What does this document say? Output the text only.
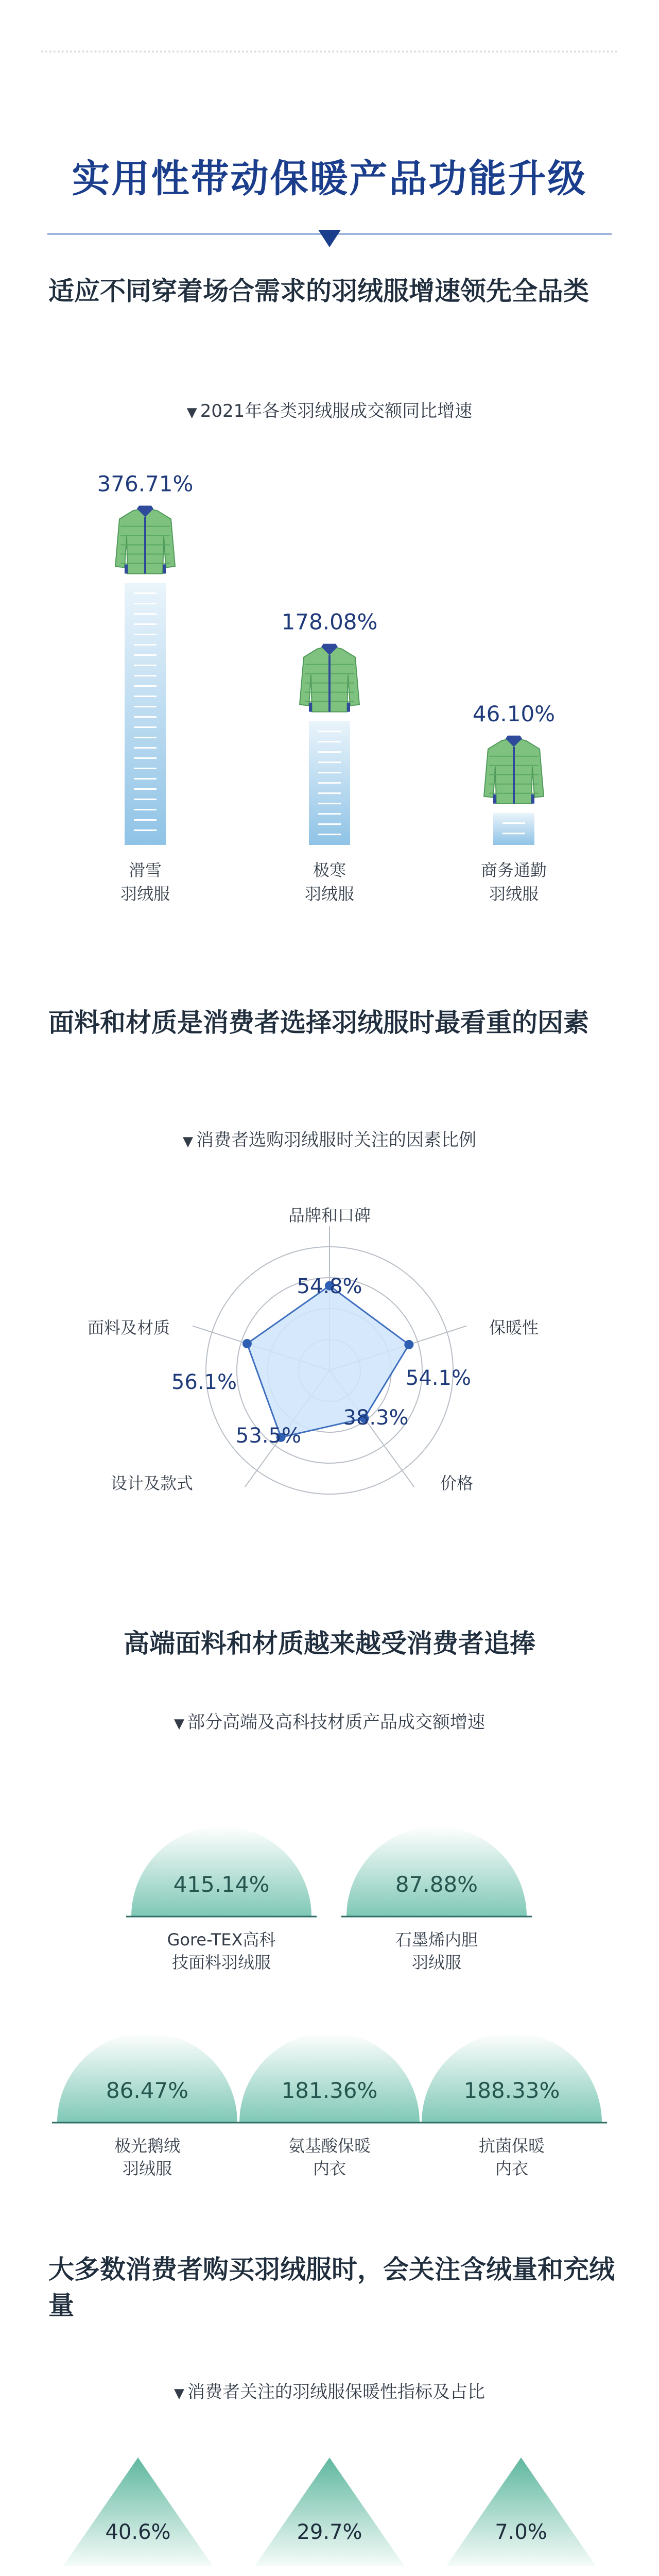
实用性带动保暖产品功能升级
适应不同穿着场合需求的羽绒服增速领先全品类
▼ 2021年各类羽绒服成交额同比增速
376.71%
滑雪羽绒服
178.08%
极寒羽绒服
46.10%
商务通勤羽绒服
面料和材质是消费者选择羽绒服时最看重的因素
▼ 消费者选购羽绒服时关注的因素比例
品牌和口碑
54.8%
保暖性
54.1%
价格
38.3%
设计及款式
53.5%
面料及材质
56.1%
高端面料和材质越来越受消费者追捧
▼ 部分高端及高科技材质产品成交额增速
415.14%
Gore-TEX高科技面料羽绒服
87.88%
石墨烯内胆羽绒服
86.47%
极光鹅绒羽绒服
181.36%
氨基酸保暖内衣
188.33%
抗菌保暖内衣
大多数消费者购买羽绒服时，会关注含绒量和充绒量
▼ 消费者关注的羽绒服保暖性指标及占比
40.6%	29.7%	7.0%
